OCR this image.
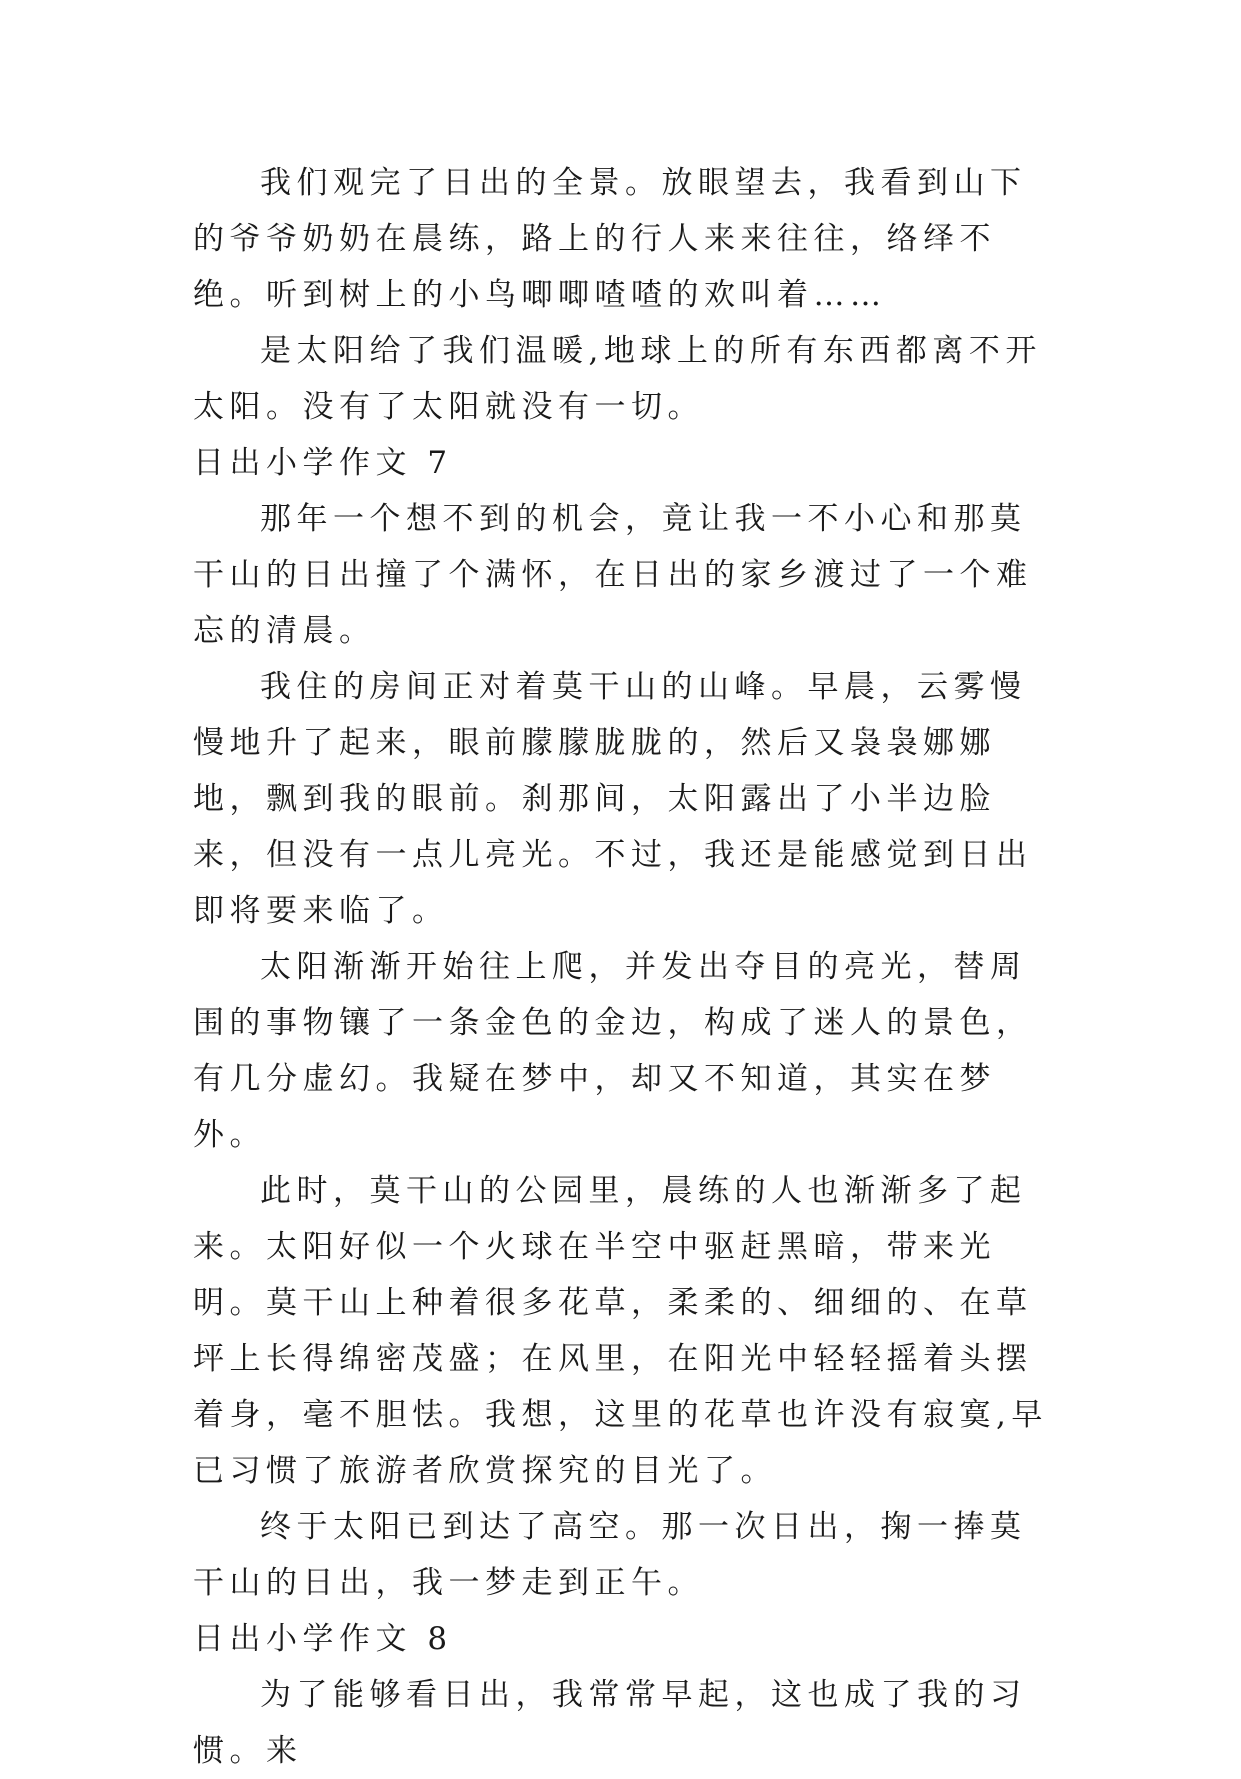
我们观完了日出的全景。放眼望去，我看到山下的爷爷奶奶在晨练，路上的行人来来往往，络绎不绝。听到树上的小鸟唧唧喳喳的欢叫着……

是太阳给了我们温暖,地球上的所有东西都离不开太阳。没有了太阳就没有一切。

日出小学作文 7

那年一个想不到的机会，竟让我一不小心和那莫干山的日出撞了个满怀，在日出的家乡渡过了一个难忘的清晨。

我住的房间正对着莫干山的山峰。早晨，云雾慢慢地升了起来，眼前朦朦胧胧的，然后又袅袅娜娜地，飘到我的眼前。刹那间，太阳露出了小半边脸来，但没有一点儿亮光。不过，我还是能感觉到日出即将要来临了。

太阳渐渐开始往上爬，并发出夺目的亮光，替周围的事物镶了一条金色的金边，构成了迷人的景色，有几分虚幻。我疑在梦中，却又不知道，其实在梦外。

此时，莫干山的公园里，晨练的人也渐渐多了起来。太阳好似一个火球在半空中驱赶黑暗，带来光明。莫干山上种着很多花草，柔柔的、细细的、在草坪上长得绵密茂盛；在风里，在阳光中轻轻摇着头摆着身，毫不胆怯。我想，这里的花草也许没有寂寞,早已习惯了旅游者欣赏探究的目光了。

终于太阳已到达了高空。那一次日出，掬一捧莫干山的日出，我一梦走到正午。

日出小学作文 8

为了能够看日出，我常常早起，这也成了我的习惯。来
